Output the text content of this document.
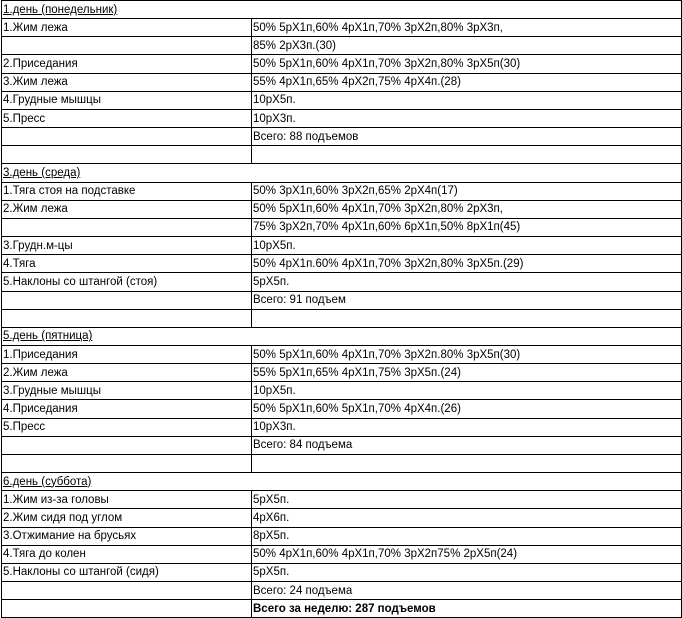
1.день (понедельник)	
1.Жим лежа	50% 5рХ1п,60% 4рХ1п,70% 3рХ2п,80% 3рХ3п,
	85% 2рХ3п.(30)
2.Приседания	50% 5рХ1п,60% 4рХ1п,70% 3рХ2п,80% 3рХ5п(30)
3.Жим лежа	55% 4рХ1п,65% 4рХ2п,75% 4рХ4п.(28)
4.Грудные мышцы	10рХ5п.
5.Пресс	10рХ3п.
	Всего: 88 подъемов

3.день (среда)	
1.Тяга стоя на подставке	50% 3рХ1п,60% 3рХ2п,65% 2рХ4п(17)
2.Жим лежа	50% 5рХ1п,60% 4рХ1п,70% 3рХ2п,80% 2рХ3п,
	75% 3рХ2п,70% 4рХ1п,60% 6рХ1п,50% 8рХ1п(45)
3.Грудн.м-цы	10рХ5п.
4.Тяга	50% 4рХ1п.60% 4рХ1п,70% 3рХ2п,80% 3рХ5п.(29)
5.Наклоны со штангой (стоя)	5рХ5п.
	Всего: 91 подъем

5.день (пятница)	
1.Приседания	50% 5рХ1п,60% 4рХ1п,70% 3рХ2п.80% 3рХ5п(30)
2.Жим лежа	55% 5рХ1п,65% 4рХ1п,75% 3рХ5п.(24)
3.Грудные мышцы	10рХ5п.
4.Приседания	50% 5рХ1п,60% 5рХ1п,70% 4рХ4п.(26)
5.Пресс	10рХ3п.
	Всего: 84 подъема

6.день (суббота)	
1.Жим из-за головы	5рХ5п.
2.Жим сидя под углом	4рХ6п.
3.Отжимание на брусьях	8рХ5п.
4.Тяга до колен	50% 4рХ1п,60% 4рХ1п,70% 3рХ2п75% 2рХ5п(24)
5.Наклоны со штангой (сидя)	5рХ5п.
	Всего: 24 подъема
	Всего за неделю: 287 подъемов
